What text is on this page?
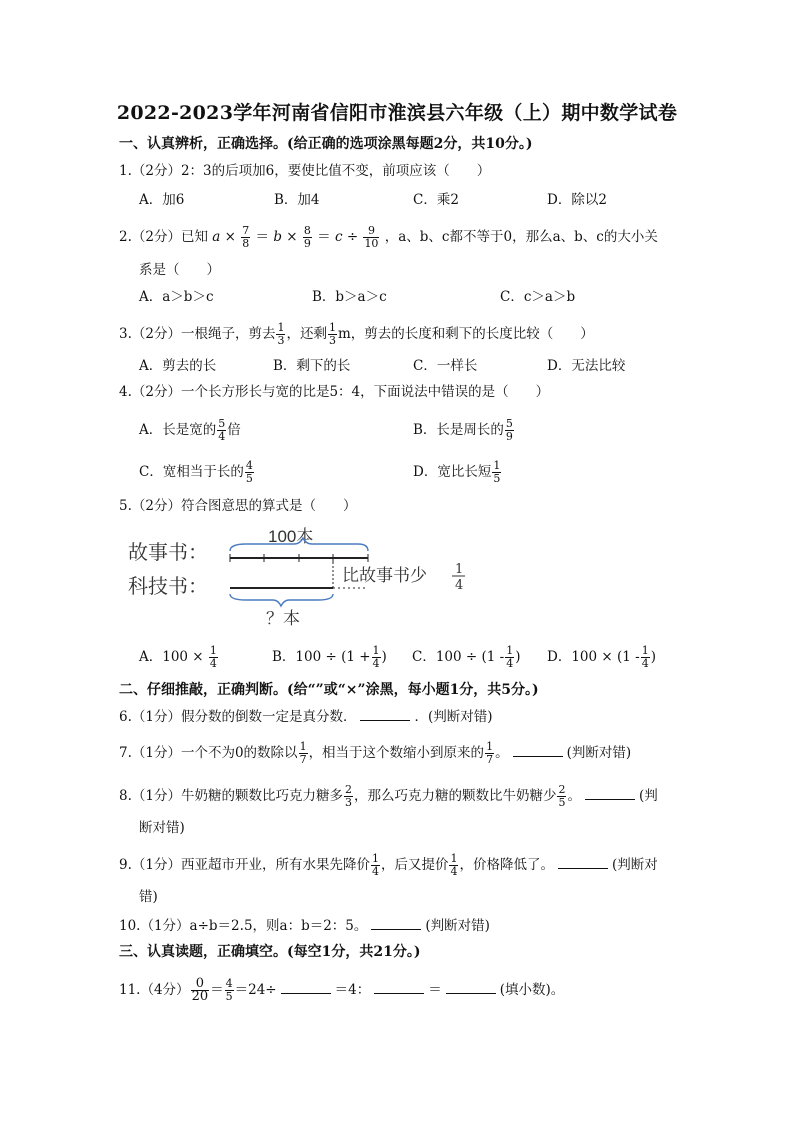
2022-2023学年河南省信阳市淮滨县六年级（上）期中数学试卷
一、认真辨析，正确选择。(给正确的选项涂黑每题2分，共10分。)
1.（2分）2：3的后项加6，要使比值不变，前项应该（　　）
A．加6	B．加4	C．乘2	D．除以2
2.（2分）已知 $a \times \frac{7}{8} = b \times \frac{8}{9} = c \div \frac{9}{10}$ ，a、b、c都不等于0，那么a、b、c的大小关
系是（　　）
A．a＞b＞c	B．b＞a＞c	C．c＞a＞b
3.（2分）一根绳子，剪去 $\frac{1}{3}$ ，还剩 $\frac{1}{3}$ m，剪去的长度和剩下的长度比较（　　）
A．剪去的长	B．剩下的长	C．一样长	D．无法比较
4.（2分）一个长方形长与宽的比是5：4，下面说法中错误的是（　　）
A．长是宽的 $\frac{5}{4}$ 倍	B．长是周长的 $\frac{5}{9}$
C．宽相当于长的 $\frac{4}{5}$	D．宽比长短 $\frac{1}{5}$
5.（2分）符合图意思的算式是（　　）
100本
故事书：
科技书：	比故事书少 1
4
？本
A．$100 \times \frac{1}{4}$	B．$100 \div (1 + \frac{1}{4}$ ) C．$100 \div (1 - \frac{1}{4}$ ) D．$100 \times (1 - \frac{1}{4}$ )
二、仔细推敲，正确判断。(给“”或“×”涂黑，每小题1分，共5分。)
6.（1分）假分数的倒数一定是真分数．	．(判断对错)
7.（1分）一个不为0的数除以 $\frac{1}{7}$ ，相当于这个数缩小到原来的 $\frac{1}{7}$ 。	(判断对错)
8.（1分）牛奶糖的颗数比巧克力糖多 $\frac{2}{3}$ ，那么巧克力糖的颗数比牛奶糖少 $\frac{2}{5}$ 。	(判
断对错)
9.（1分）西亚超市开业，所有水果先降价 $\frac{1}{4}$ ，后又提价 $\frac{1}{4}$ ，价格降低了。	(判断对
错)
10.（1分）a÷b＝2.5，则a：b＝2：5。	(判断对错)
三、认真读题，正确填空。(每空1分，共21分。)
11.（4分） $\frac{0}{20} = \frac{4}{5} =24\div$	＝4：	＝	(填小数)。
